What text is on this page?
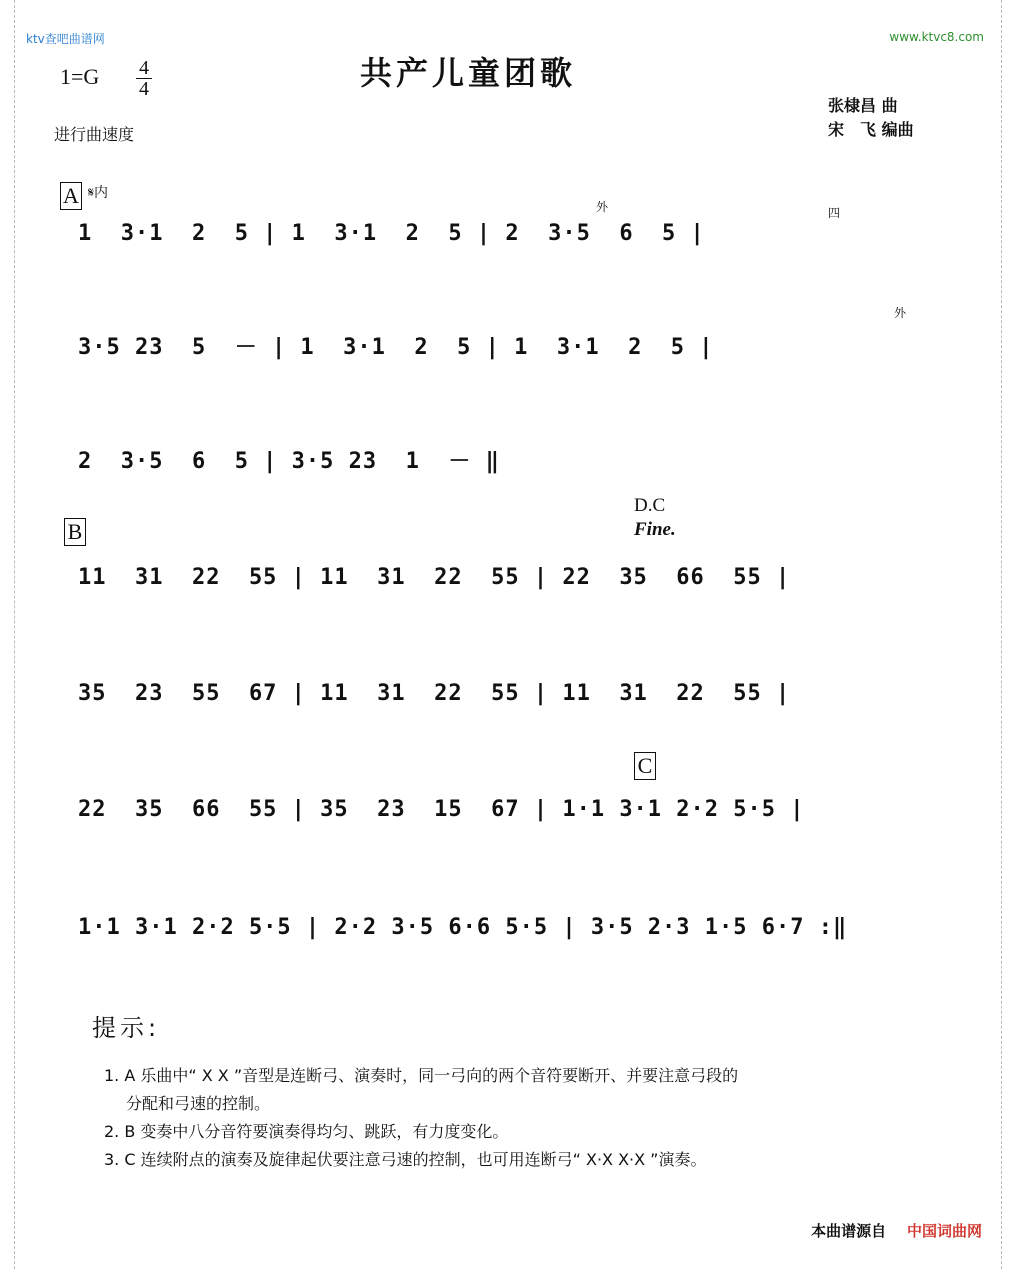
ktv查吧曲谱网	www.ktvc8.com
共产儿童团歌
1=G 4
4
进行曲速度
张棣昌 曲
宋　飞 编曲
A 𝄋内
外	四
外
1  3·1  2  5 | 1  3·1  2  5 | 2  3·5  6  5 |
3·5 23  5  － | 1  3·1  2  5 | 1  3·1  2  5 |
2  3·5  6  5 | 3·5 23  1  － ‖
D.C
Fine.
B
11  31  22  55 | 11  31  22  55 | 22  35  66  55 |
35  23  55  67 | 11  31  22  55 | 11  31  22  55 |
C
22  35  66  55 | 35  23  15  67 | 1·1 3·1 2·2 5·5 |
1·1 3·1 2·2 5·5 | 2·2 3·5 6·6 5·5 | 3·5 2·3 1·5 6·7 :‖
提示:
1. A 乐曲中“ X X ”音型是连断弓、演奏时，同一弓向的两个音符要断开、并要注意弓段的
分配和弓速的控制。
2. B 变奏中八分音符要演奏得均匀、跳跃，有力度变化。
3. C 连续附点的演奏及旋律起伏要注意弓速的控制，也可用连断弓“ X·X X·X ”演奏。
本曲谱源自 中国词曲网
